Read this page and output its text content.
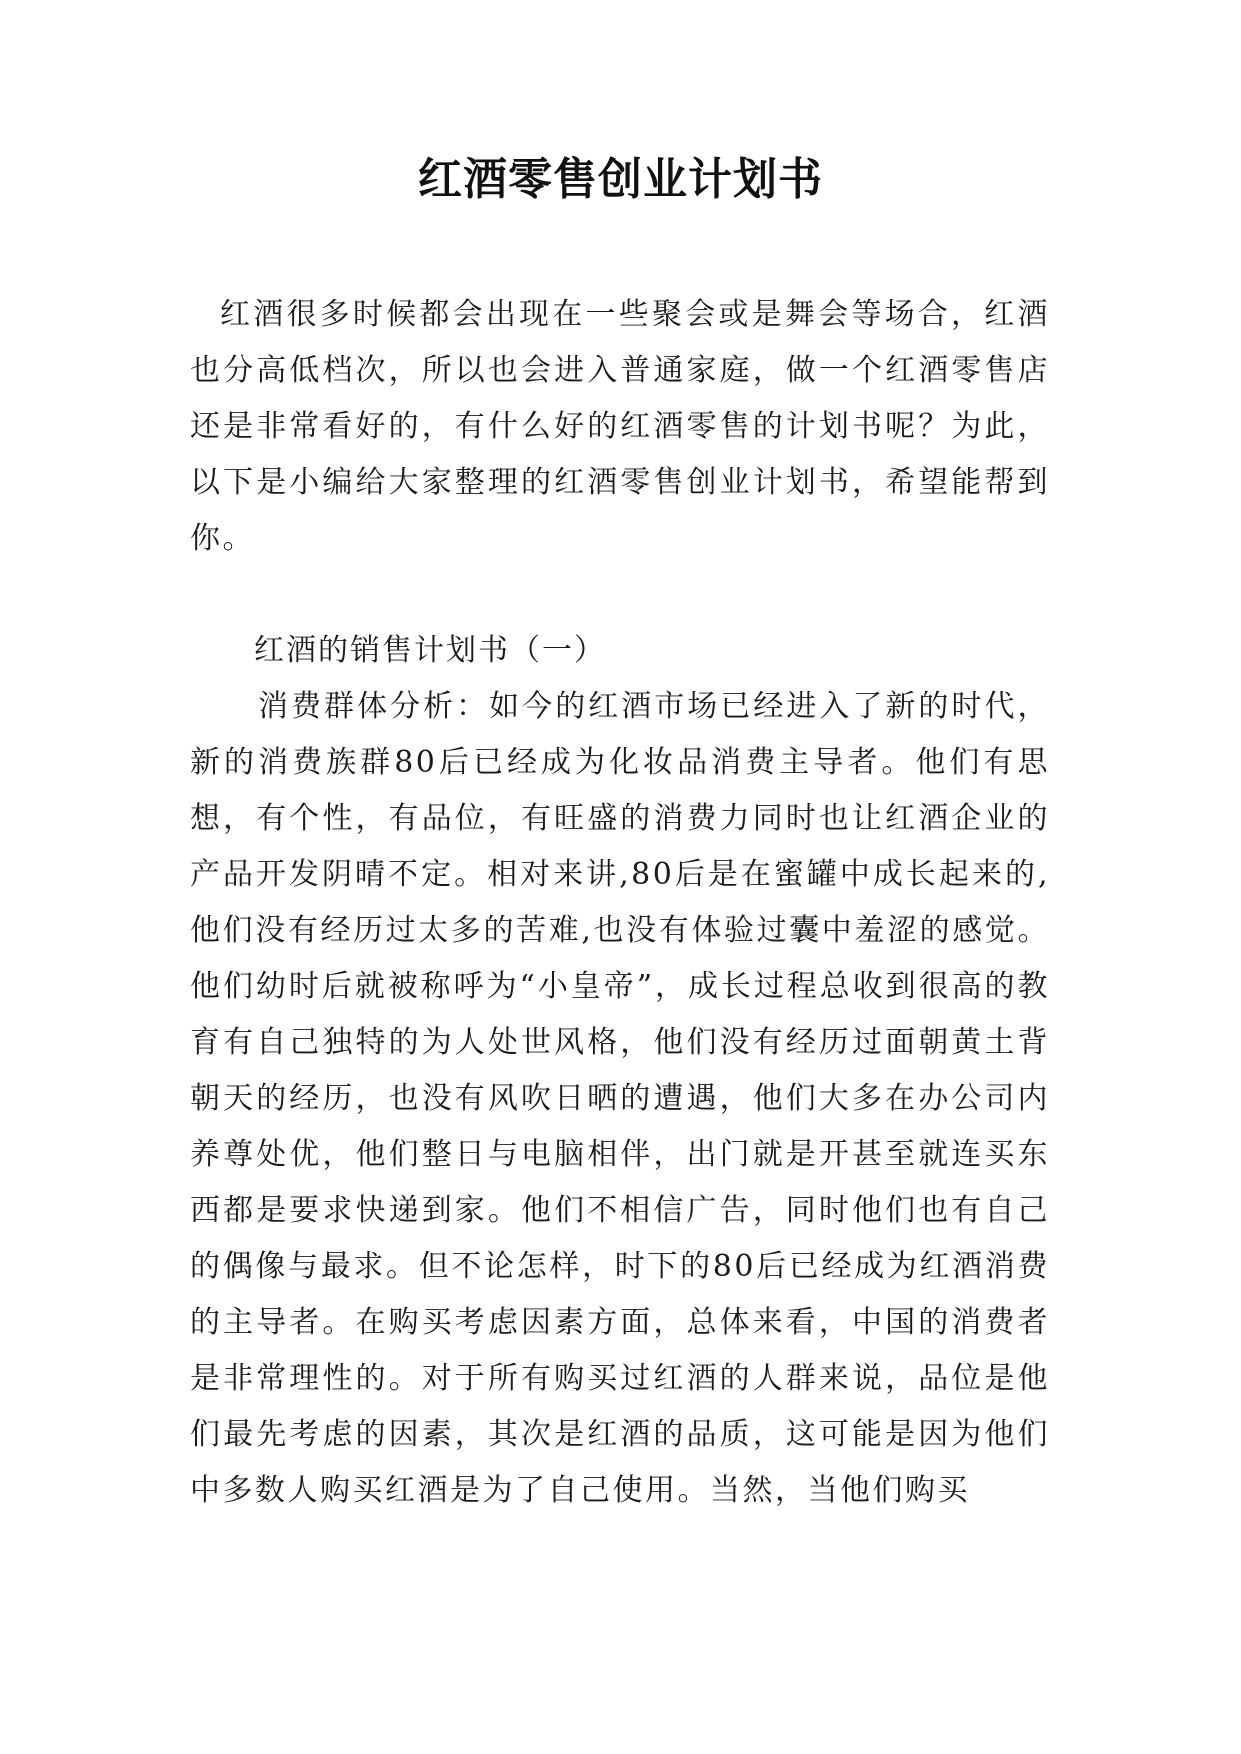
红酒零售创业计划书

红酒很多时候都会出现在一些聚会或是舞会等场合，红酒也分高低档次，所以也会进入普通家庭，做一个红酒零售店还是非常看好的，有什么好的红酒零售的计划书呢？为此，以下是小编给大家整理的红酒零售创业计划书，希望能帮到你。

红酒的销售计划书（一）

消费群体分析：如今的红酒市场已经进入了新的时代，新的消费族群80后已经成为化妆品消费主导者。他们有思想，有个性，有品位，有旺盛的消费力同时也让红酒企业的产品开发阴晴不定。相对来讲,80后是在蜜罐中成长起来的,他们没有经历过太多的苦难,也没有体验过囊中羞涩的感觉。他们幼时后就被称呼为“小皇帝”，成长过程总收到很高的教育有自己独特的为人处世风格，他们没有经历过面朝黄土背朝天的经历，也没有风吹日晒的遭遇，他们大多在办公司内养尊处优，他们整日与电脑相伴，出门就是开甚至就连买东西都是要求快递到家。他们不相信广告，同时他们也有自己的偶像与最求。但不论怎样，时下的80后已经成为红酒消费的主导者。在购买考虑因素方面，总体来看，中国的消费者是非常理性的。对于所有购买过红酒的人群来说，品位是他们最先考虑的因素，其次是红酒的品质，这可能是因为他们中多数人购买红酒是为了自己使用。当然，当他们购买
